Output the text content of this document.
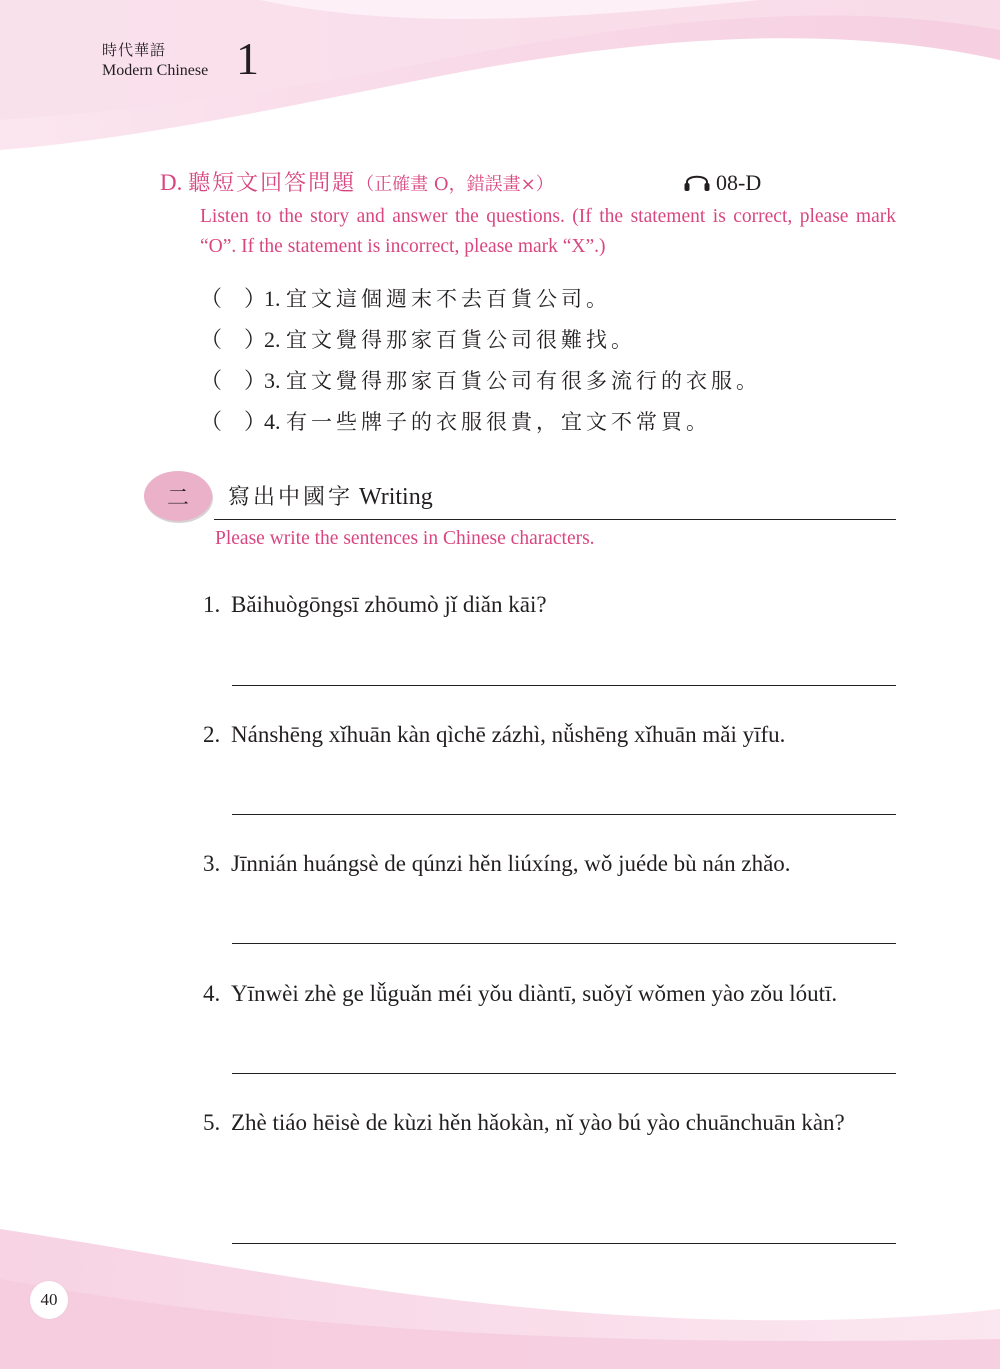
時代華語
Modern Chinese 1
D. 聽短文回答問題（正確畫 O，錯誤畫×）	08-D
Listen to the story and answer the questions. (If the statement is correct, please mark “O”. If the statement is incorrect, please mark “X”.)
（　）1. 宜文這個週末不去百貨公司。
（　）2. 宜文覺得那家百貨公司很難找。
（　）3. 宜文覺得那家百貨公司有很多流行的衣服。
（　）4. 有一些牌子的衣服很貴，宜文不常買。
二	寫出中國字 Writing
Please write the sentences in Chinese characters.
1. Bǎihuògōngsī zhōumò jǐ diǎn kāi?
2. Nánshēng xǐhuān kàn qìchē zázhì, nǚshēng xǐhuān mǎi yīfu.
3. Jīnnián huángsè de qúnzi hěn liúxíng, wǒ juéde bù nán zhǎo.
4. Yīnwèi zhè ge lǚguǎn méi yǒu diàntī, suǒyǐ wǒmen yào zǒu lóutī.
5. Zhè tiáo hēisè de kùzi hěn hǎokàn, nǐ yào bú yào chuānchuān kàn?
40
